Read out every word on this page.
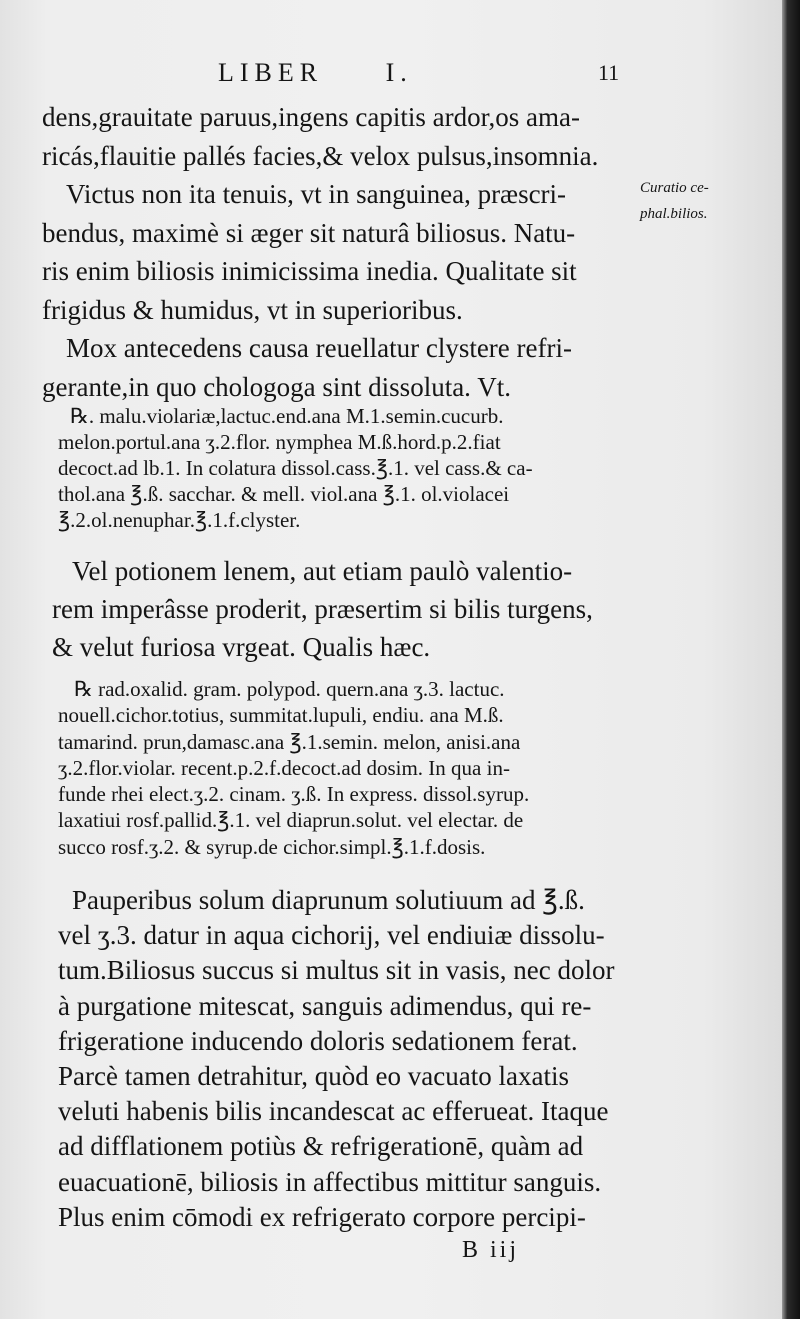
LIBER     I.	11
Curatio ce-
phal.bilios.
dens,grauitate paruus,ingens capitis ardor,os ama-
ricás,flauitie pallés facies,& velox pulsus,insomnia.
Victus non ita tenuis, vt in sanguinea, præscri-
bendus, maximè si æger sit naturâ biliosus. Natu-
ris enim biliosis inimicissima inedia. Qualitate sit
frigidus & humidus, vt in superioribus.
Mox antecedens causa reuellatur clystere refri-
gerante,in quo chologoga sint dissoluta. Vt.
℞. malu.violariæ,lactuc.end.ana M.1.semin.cucurb.
melon.portul.ana ʒ.2.flor. nymphea M.ß.hord.p.2.fiat
decoct.ad lb.1. In colatura dissol.cass.℥.1. vel cass.& ca-
thol.ana ℥.ß. sacchar. & mell. viol.ana ℥.1. ol.violacei
℥.2.ol.nenuphar.℥.1.f.clyster.
Vel potionem lenem, aut etiam paulò valentio-
rem imperâsse proderit, præsertim si bilis turgens,
& velut furiosa vrgeat. Qualis hæc.
℞ rad.oxalid. gram. polypod. quern.ana ʒ.3. lactuc.
nouell.cichor.totius, summitat.lupuli, endiu. ana M.ß.
tamarind. prun,damasc.ana ℥.1.semin. melon, anisi.ana
ʒ.2.flor.violar. recent.p.2.f.decoct.ad dosim. In qua in-
funde rhei elect.ʒ.2. cinam. ʒ.ß. In express. dissol.syrup.
laxatiui rosf.pallid.℥.1. vel diaprun.solut. vel electar. de
succo rosf.ʒ.2. & syrup.de cichor.simpl.℥.1.f.dosis.
Pauperibus solum diaprunum solutiuum ad ℥.ß.
vel ʒ.3. datur in aqua cichorij, vel endiuiæ dissolu-
tum.Biliosus succus si multus sit in vasis, nec dolor
à purgatione mitescat, sanguis adimendus, qui re-
frigeratione inducendo doloris sedationem ferat.
Parcè tamen detrahitur, quòd eo vacuato laxatis
veluti habenis bilis incandescat ac efferueat. Itaque
ad difflationem potiùs & refrigerationē, quàm ad
euacuationē, biliosis in affectibus mittitur sanguis.
Plus enim cōmodi ex refrigerato corpore percipi-
B iij
